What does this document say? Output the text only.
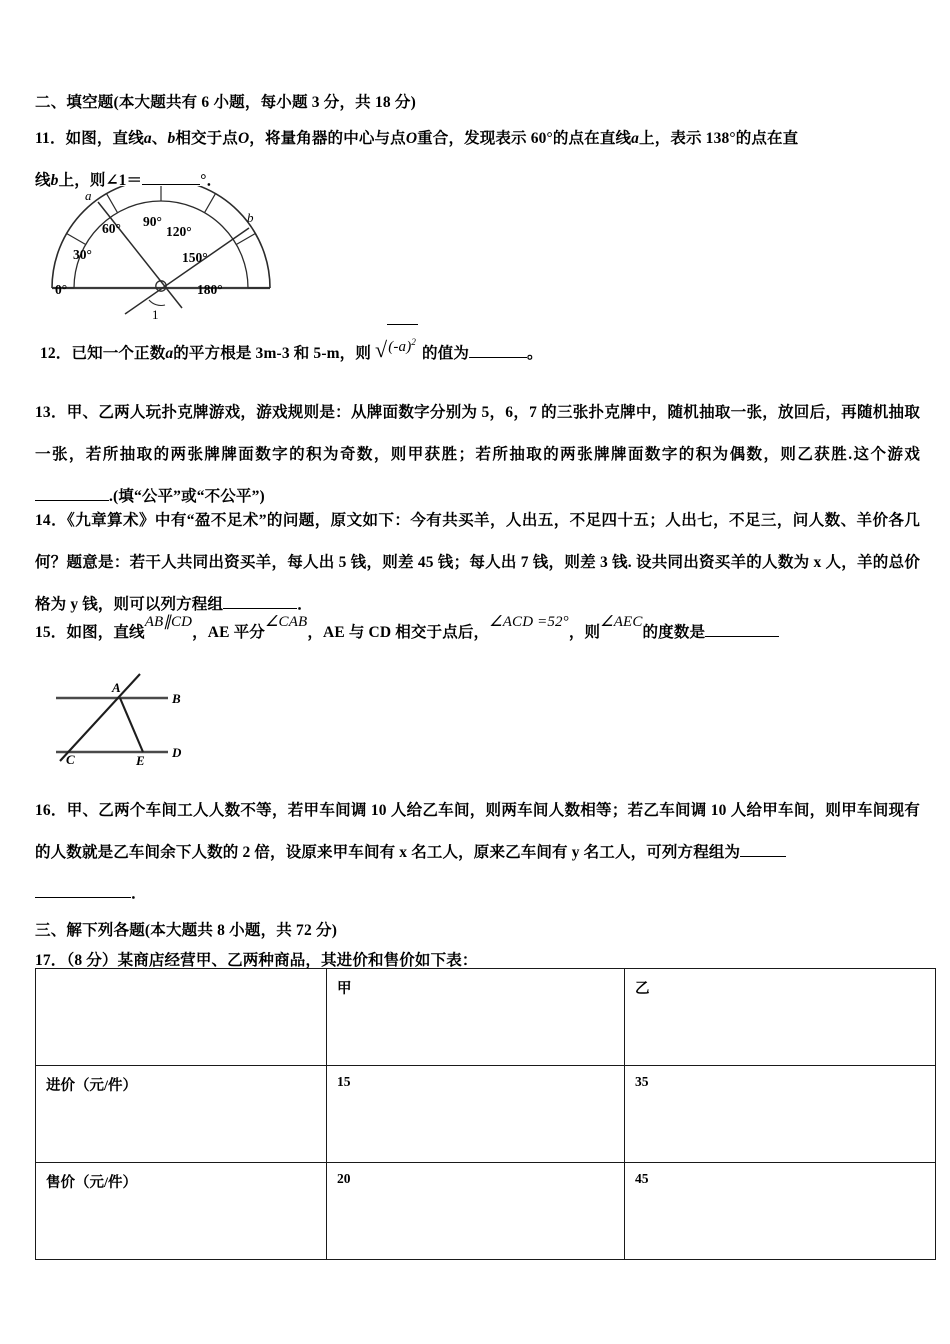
二、填空题(本大题共有 6 小题，每小题 3 分，共 18 分)
11．如图，直线a、b相交于点O，将量角器的中心与点O重合，发现表示 60°的点在直线a上，表示 138°的点在直
线b上，则∠1＝	°．
0°
30°
60° 90°
120°
150°
180°
a
b
1
12．已知一个正数a的平方根是 3m-3 和 5-m，则 $√(-a)^2$ 的值为	。
13．甲、乙两人玩扑克牌游戏，游戏规则是：从牌面数字分别为 5，6，7 的三张扑克牌中，随机抽取一张，放回后，再随机抽取一张，若所抽取的两张牌牌面数字的积为奇数，则甲获胜；若所抽取的两张牌牌面数字的积为偶数，则乙获胜.这个游戏.(填“公平”或“不公平”)
14．《九章算术》中有“盈不足术”的问题，原文如下：今有共买羊，人出五，不足四十五；人出七，不足三，问人数、羊价各几何？题意是：若干人共同出资买羊，每人出 5 钱，则差 45 钱；每人出 7 钱，则差 3 钱. 设共同出资买羊的人数为 x 人，羊的总价格为 y 钱，则可以列方程组	．
15．如图，直线AB∥CD，AE 平分∠CAB，AE 与 CD 相交于点后，∠ACD =52°，则∠AEC的度数是
A
B
C	D
E
16．甲、乙两个车间工人人数不等，若甲车间调 10 人给乙车间，则两车间人数相等；若乙车间调 10 人给甲车间，则甲车间现有的人数就是乙车间余下人数的 2 倍，设原来甲车间有 x 名工人，原来乙车间有 y 名工人，可列方程组为
．
三、解下列各题(本大题共 8 小题，共 72 分)
17．（8 分）某商店经营甲、乙两种商品，其进价和售价如下表：
	甲	乙
进价（元/件）	15	35
售价（元/件）	20	45
